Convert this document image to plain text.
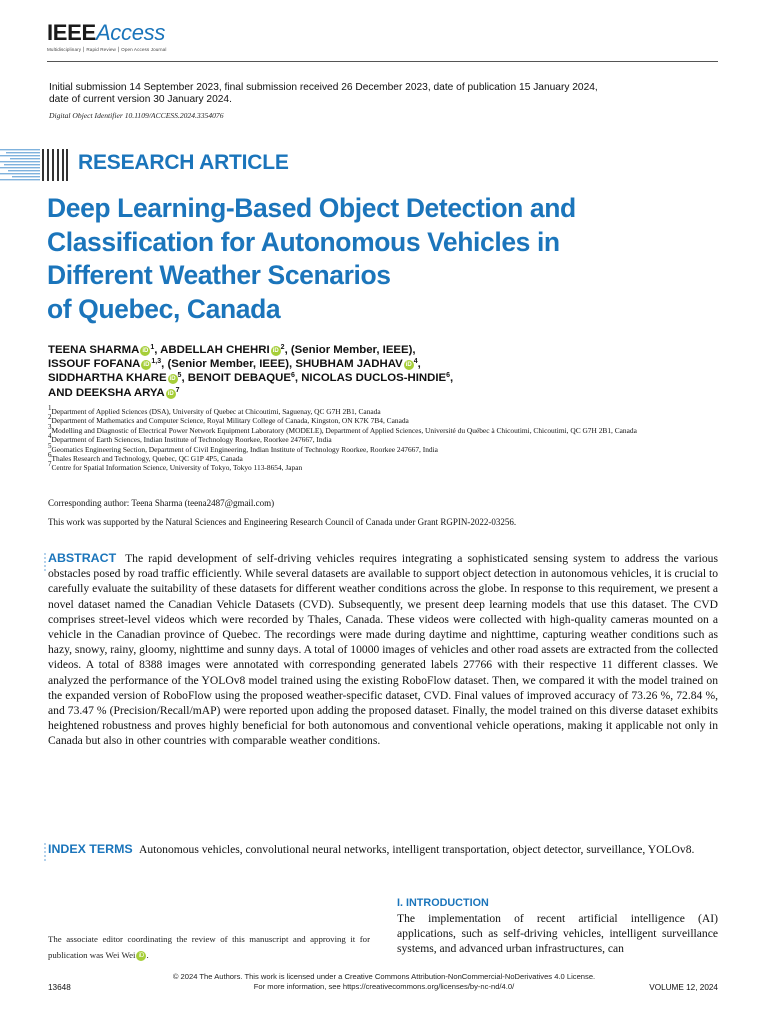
IEEEAccess
Multidisciplinary ⎮ Rapid Review ⎮ Open Access Journal
Initial submission 14 September 2023, final submission received 26 December 2023, date of publication 15 January 2024, date of current version 30 January 2024.
Digital Object Identifier 10.1109/ACCESS.2024.3354076
RESEARCH ARTICLE
Deep Learning-Based Object Detection and
Classification for Autonomous Vehicles in
Different Weather Scenarios
of Quebec, Canada
TEENA SHARMA iD $^1$, ABDELLAH CHEHRI iD $^2$, (Senior Member, IEEE),
ISSOUF FOFANA iD $^{1,3}$, (Senior Member, IEEE), SHUBHAM JADHAV iD $^4$,
SIDDHARTHA KHARE iD $^5$, BENOIT DEBAQUE$^6$, NICOLAS DUCLOS-HINDIE$^6$,
AND DEEKSHA ARYA iD $^7$
$^1$Department of Applied Sciences (DSA), University of Quebec at Chicoutimi, Saguenay, QC G7H 2B1, Canada
$^2$Department of Mathematics and Computer Science, Royal Military College of Canada, Kingston, ON K7K 7B4, Canada
$^3$Modelling and Diagnostic of Electrical Power Network Equipment Laboratory (MODELE), Department of Applied Sciences, Université du Québec à Chicoutimi, Chicoutimi, QC G7H 2B1, Canada
$^4$Department of Earth Sciences, Indian Institute of Technology Roorkee, Roorkee 247667, India
$^5$Geomatics Engineering Section, Department of Civil Engineering, Indian Institute of Technology Roorkee, Roorkee 247667, India
$^6$Thales Research and Technology, Quebec, QC G1P 4P5, Canada
$^7$Centre for Spatial Information Science, University of Tokyo, Tokyo 113-8654, Japan
Corresponding author: Teena Sharma (teena2487@gmail.com)
This work was supported by the Natural Sciences and Engineering Research Council of Canada under Grant RGPIN-2022-03256.
ABSTRACT The rapid development of self-driving vehicles requires integrating a sophisticated sensing system to address the various obstacles posed by road traffic efficiently. While several datasets are available to support object detection in autonomous vehicles, it is crucial to carefully evaluate the suitability of these datasets for different weather conditions across the globe. In response to this requirement, we present a novel dataset named the Canadian Vehicle Datasets (CVD). Subsequently, we present deep learning models that use this dataset. The CVD comprises street-level videos which were recorded by Thales, Canada. These videos were collected with high-quality cameras mounted on a vehicle in the Canadian province of Quebec. The recordings were made during daytime and nighttime, capturing weather conditions such as hazy, snowy, rainy, gloomy, nighttime and sunny days. A total of 10000 images of vehicles and other road assets are extracted from the collected videos. A total of 8388 images were annotated with corresponding generated labels 27766 with their respective 11 different classes. We analyzed the performance of the YOLOv8 model trained using the existing RoboFlow dataset. Then, we compared it with the model trained on the expanded version of RoboFlow using the proposed weather-specific dataset, CVD. Final values of improved accuracy of 73.26 %, 72.84 %, and 73.47 % (Precision/Recall/mAP) were reported upon adding the proposed dataset. Finally, the model trained on this diverse dataset exhibits heightened robustness and proves highly beneficial for both autonomous and conventional vehicle operations, making it applicable not only in Canada but also in other countries with comparable weather conditions.
INDEX TERMS Autonomous vehicles, convolutional neural networks, intelligent transportation, object detector, surveillance, YOLOv8.
I. INTRODUCTION
The implementation of recent artificial intelligence (AI) applications, such as self-driving vehicles, intelligent surveillance systems, and advanced urban infrastructures, can
The associate editor coordinating the review of this manuscript and approving it for publication was Wei Wei iD .
© 2024 The Authors. This work is licensed under a Creative Commons Attribution-NonCommercial-NoDerivatives 4.0 License.
For more information, see https://creativecommons.org/licenses/by-nc-nd/4.0/
13648	VOLUME 12, 2024
